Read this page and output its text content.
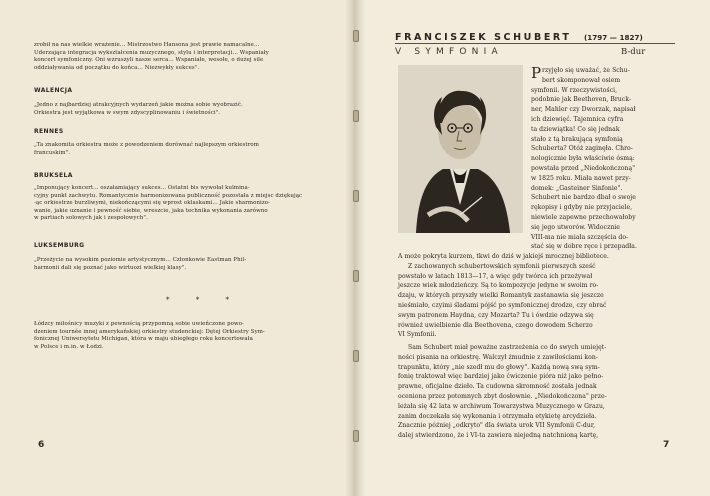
zrobił na nas wielkie wrażenie... Mistrzostwo Hansona jest prawie namacalne...
Uderzająca integracja wykształcenia muzycznego, stylu i interpretacji... Wspaniały
koncert symfoniczny. Oni wzruszyli nasze serca... Wspaniałe, wesołe, o dużej sile
oddziaływania od początku do końca... Niezwykły sukces".
WALENCJA
„Jedno z najbardziej atrakcyjnych wydarzeń jakie można sobie wyobrazić.
Orkiestra jest wyjątkowa w swym zdyscyplinowaniu i świetności".
RENNES
„Ta znakomita orkiestra może z powodzeniem dorównać najlepszym orkiestrom
francuskim".
BRUKSELA
„Imponujący koncert... oszałamiający sukces... Ostatni bis wywołał kulmina-
cyjny punkt zachwytu. Romantycznie harmonizowana publiczność pozostała z miejsc dziękując
-ąc orkiestrze burzliwymi, niekończącymi się wprost oklaskami... Jakie sharmonizo-
wanie, jakie uznanie i pewność siebie, wreszcie, jaka technika wykonania zarówno
w partiach solowych jak i zespołowych".
LUKSEMBURG
„Przeżycie na wysokim poziomie artystycznym... Członkowie Eastman Phil-
harmonii dali się poznać jako wirtuozi wielkiej klasy".
* * *
Łódzcy miłośnicy muzyki z pewnością przypomną sobie uwieńczone powo-
dzeniem tournée innej amerykańskiej orkiestry studenckiej: Dętej Orkiestry Sym-
fonicznej Uniwersytetu Michigan, która w maju ubiegłego roku koncertowała
w Polsce i m.in. w Łodzi.
6
FRANCISZEK SCHUBERT	(1797 — 1827)
V SYMFONIA	B-dur
P rzyjęło się uważać, że Schu-
bert skomponował osiem
symfonii. W rzeczywistości,
podobnie jak Beethoven, Bruck-
ner, Mahler czy Dworzak, napisał
ich dziewięć. Tajemnica cyfra
ta dziewiątka! Co się jednak
stało z tą brakującą symfonią
Schuberta? Otóż zaginęła. Chro-
nologicznie była właściwie ósmą:
powstała przed „Niedokończoną"
w 1825 roku. Miała nawet przy-
domek: „Gasteiner Sinfonie".
Schubert nie bardzo dbał o swoje
rękopisy i gdyby nie przyjaciele,
niewiele zapewne przechowałoby
się jego utworów. Widocznie
VIII-ma nie miała szczęścia do-
stać się w dobre ręce i przepadła.
A może pokryta kurzem, tkwi do dziś w jakiejś mrocznej bibliotece.
Z zachowanych schubertowskich symfonii pierwszych sześć
powstało w latach 1813—17, a więc gdy twórca ich przeżywał
jeszcze wiek młodzieńczy. Są to kompozycje jedyne w swoim ro-
dzaju, w których przyszły wielki Romantyk zastanawia się jeszcze
nieśmiało, czyimi śladami pójść po symfonicznej drodze, czy obrać
swym patronem Haydna, czy Mozarta? Tu i ówdzie odzywa się
również uwielbienie dla Beethovena, czego dowodem Scherzo
VI Symfonii.
Sam Schubert miał poważne zastrzeżenia co do swych umiejęt-
ności pisania na orkiestrę. Walczył żmudnie z zawiłościami kon-
trapunktu, który „nie szedł mu do głowy". Każdą nową swą sym-
fonię traktował więc bardziej jako ćwiczenie pióra niż jako pełno-
prawne, oficjalne dzieło. Ta cudowna skromność została jednak
oceniona przez potomnych zbyt dosłownie. „Niedokończona" prze-
leżała się 42 lata w archiwum Towarzystwa Muzycznego w Grazu,
zanim doczekała się wykonania i otrzymała etykietę arcydzieła.
Znacznie później „odkryto" dla świata urok VII Symfonii C-dur,
dalej stwierdzono, że i VI-ta zawiera niejedną natchnioną kartę,
7
